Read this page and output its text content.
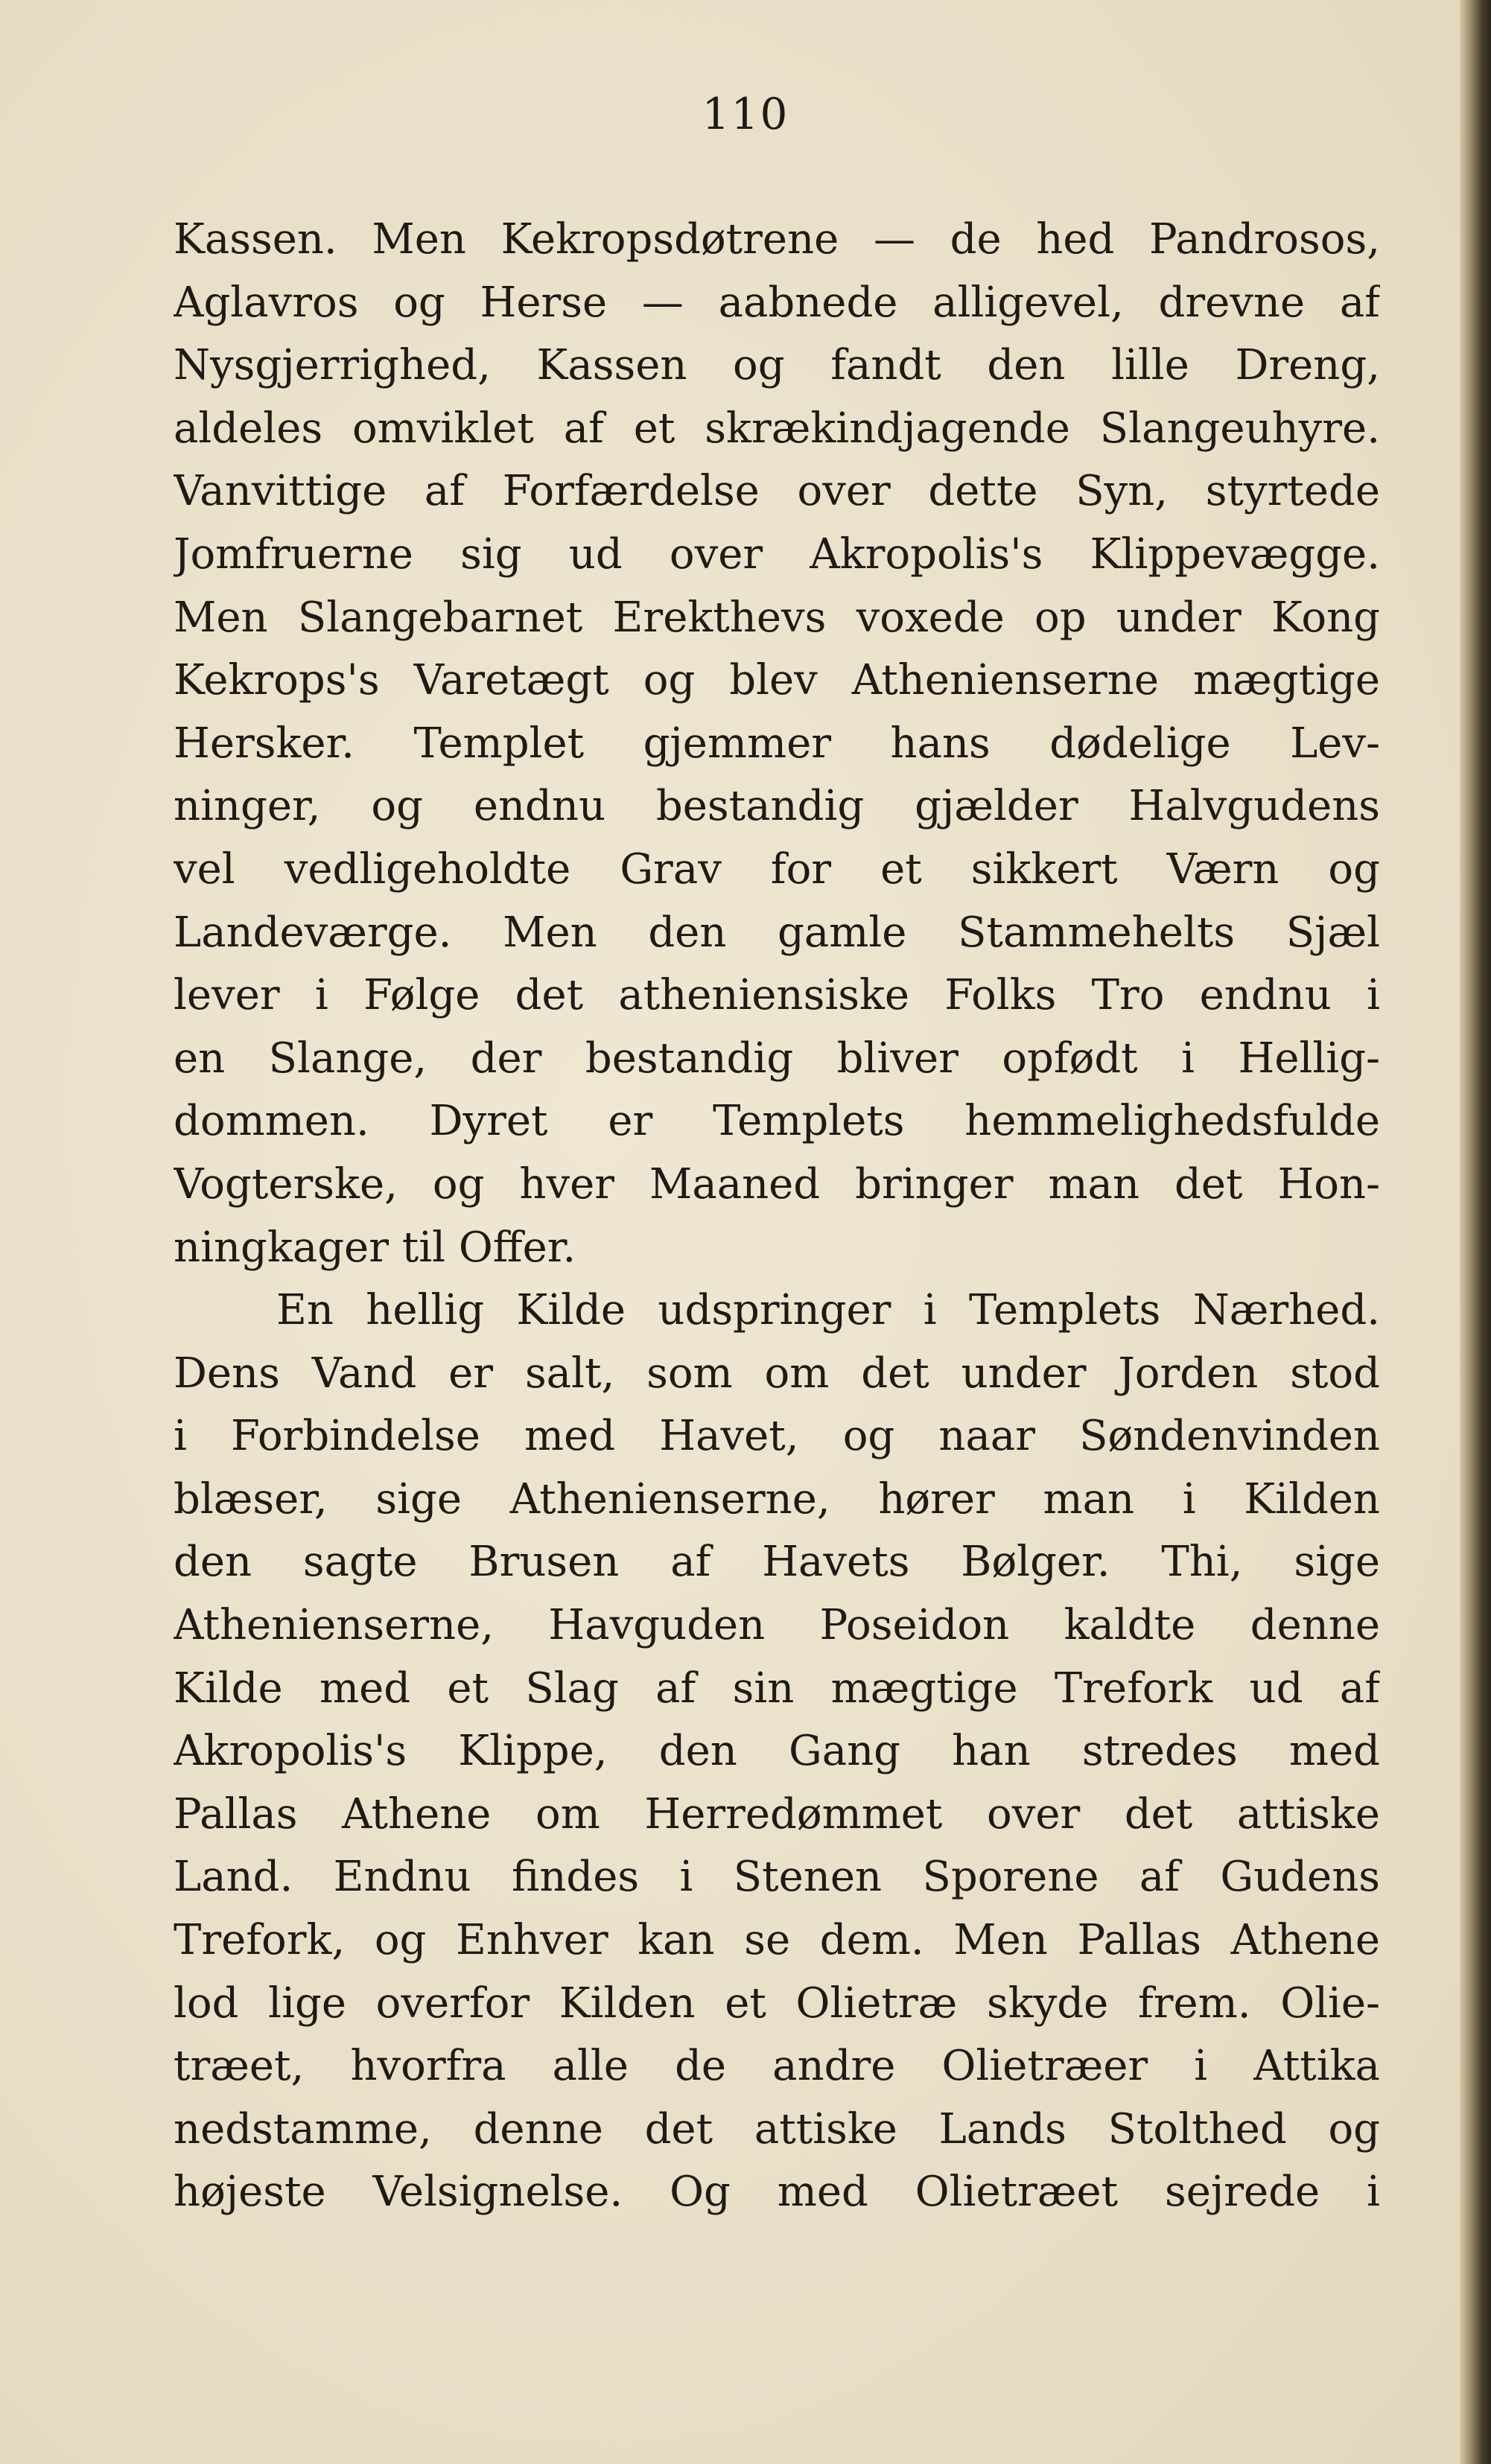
110
Kassen. Men Kekropsdøtrene — de hed Pandrosos,
Aglavros og Herse — aabnede alligevel, drevne af
Nysgjerrighed, Kassen og fandt den lille Dreng,
aldeles omviklet af et skrækindjagende Slangeuhyre.
Vanvittige af Forfærdelse over dette Syn, styrtede
Jomfruerne sig ud over Akropolis's Klippevægge.
Men Slangebarnet Erekthevs voxede op under Kong
Kekrops's Varetægt og blev Athenienserne mægtige
Hersker. Templet gjemmer hans dødelige Lev-
ninger, og endnu bestandig gjælder Halvgudens
vel vedligeholdte Grav for et sikkert Værn og
Landeværge. Men den gamle Stammehelts Sjæl
lever i Følge det atheniensiske Folks Tro endnu i
en Slange, der bestandig bliver opfødt i Hellig-
dommen. Dyret er Templets hemmelighedsfulde
Vogterske, og hver Maaned bringer man det Hon-
ningkager til Offer.
En hellig Kilde udspringer i Templets Nærhed.
Dens Vand er salt, som om det under Jorden stod
i Forbindelse med Havet, og naar Søndenvinden
blæser, sige Athenienserne, hører man i Kilden
den sagte Brusen af Havets Bølger. Thi, sige
Athenienserne, Havguden Poseidon kaldte denne
Kilde med et Slag af sin mægtige Trefork ud af
Akropolis's Klippe, den Gang han stredes med
Pallas Athene om Herredømmet over det attiske
Land. Endnu findes i Stenen Sporene af Gudens
Trefork, og Enhver kan se dem. Men Pallas Athene
lod lige overfor Kilden et Olietræ skyde frem. Olie-
træet, hvorfra alle de andre Olietræer i Attika
nedstamme, denne det attiske Lands Stolthed og
højeste Velsignelse. Og med Olietræet sejrede i
